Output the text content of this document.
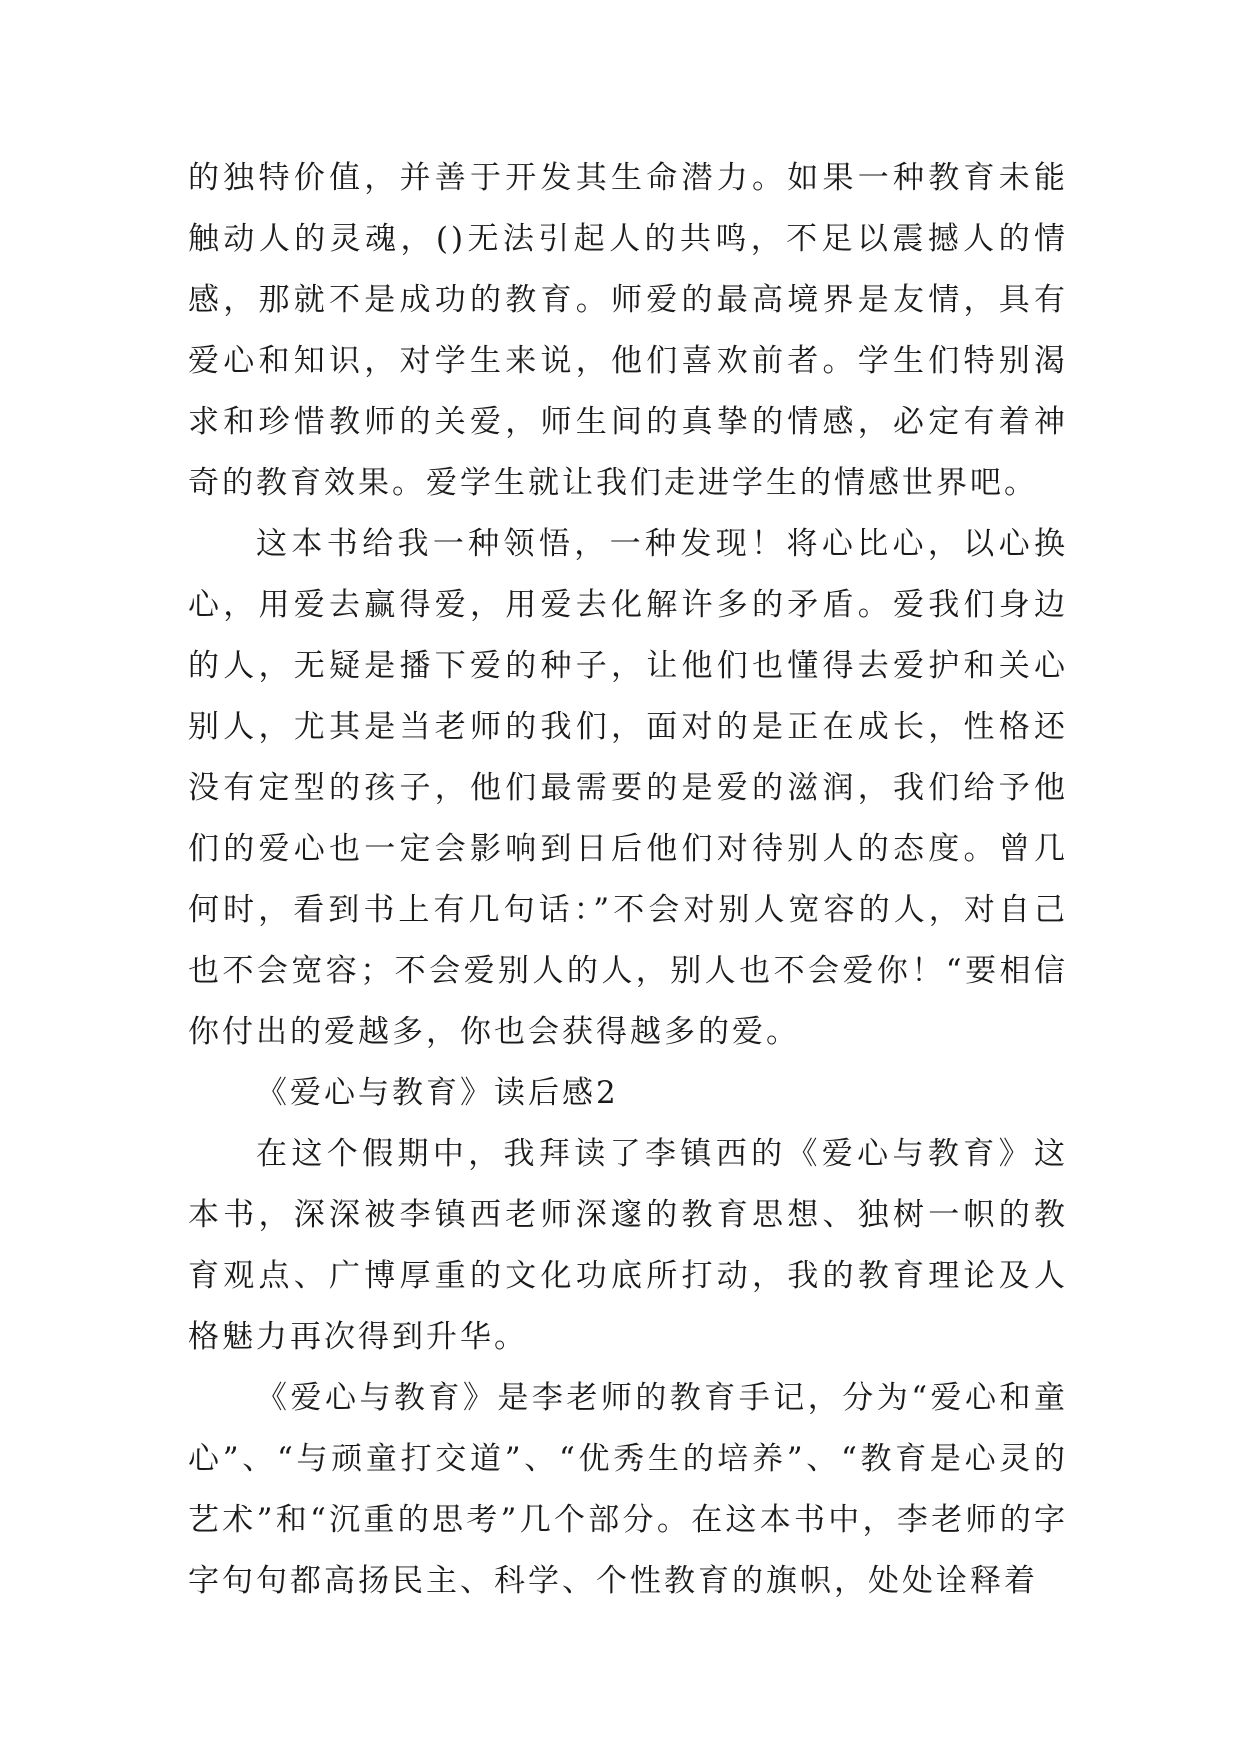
的独特价值，并善于开发其生命潜力。如果一种教育未能触动人的灵魂，()无法引起人的共鸣，不足以震撼人的情感，那就不是成功的教育。师爱的最高境界是友情，具有爱心和知识，对学生来说，他们喜欢前者。学生们特别渴求和珍惜教师的关爱，师生间的真挚的情感，必定有着神奇的教育效果。爱学生就让我们走进学生的情感世界吧。

这本书给我一种领悟，一种发现！将心比心，以心换心，用爱去赢得爱，用爱去化解许多的矛盾。爱我们身边的人，无疑是播下爱的种子，让他们也懂得去爱护和关心别人，尤其是当老师的我们，面对的是正在成长，性格还没有定型的孩子，他们最需要的是爱的滋润，我们给予他们的爱心也一定会影响到日后他们对待别人的态度。曾几何时，看到书上有几句话：”不会对别人宽容的人，对自己也不会宽容；不会爱别人的人，别人也不会爱你！“要相信你付出的爱越多，你也会获得越多的爱。

《爱心与教育》读后感2

在这个假期中，我拜读了李镇西的《爱心与教育》这本书，深深被李镇西老师深邃的教育思想、独树一帜的教育观点、广博厚重的文化功底所打动，我的教育理论及人格魅力再次得到升华。

《爱心与教育》是李老师的教育手记，分为“爱心和童心”、“与顽童打交道”、“优秀生的培养”、“教育是心灵的艺术”和“沉重的思考”几个部分。在这本书中，李老师的字字句句都高扬民主、科学、个性教育的旗帜，处处诠释着
